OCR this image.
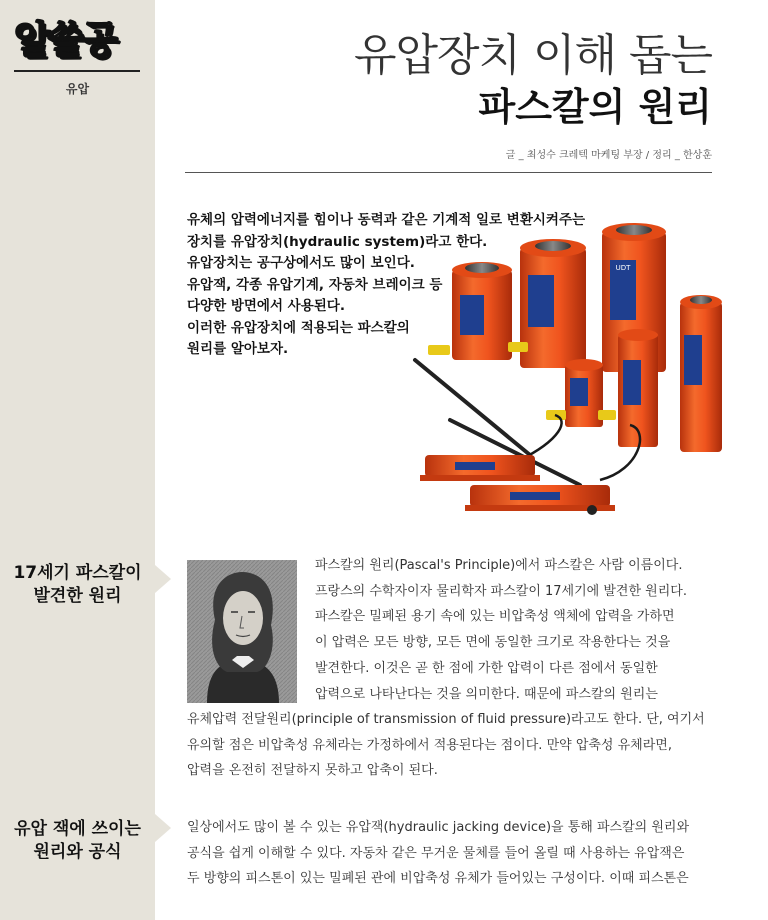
알쓸공
유압
17세기 파스칼이
발견한 원리
유압 잭에 쓰이는
원리와 공식
유압장치 이해 돕는
파스칼의 원리
글 _ 최성수 크레텍 마케팅 부장 / 정리 _ 한상훈
유체의 압력에너지를 힘이나 동력과 같은 기계적 일로 변환시켜주는
장치를 유압장치(hydraulic system)라고 한다.
유압장치는 공구상에서도 많이 보인다.
유압잭, 각종 유압기계, 자동차 브레이크 등
다양한 방면에서 사용된다.
이러한 유압장치에 적용되는 파스칼의
원리를 알아보자.
UDT
파스칼의 원리(Pascal's Principle)에서 파스칼은 사람 이름이다.
프랑스의 수학자이자 물리학자 파스칼이 17세기에 발견한 원리다.
파스칼은 밀폐된 용기 속에 있는 비압축성 액체에 압력을 가하면
이 압력은 모든 방향, 모든 면에 동일한 크기로 작용한다는 것을
발견한다. 이것은 곧 한 점에 가한 압력이 다른 점에서 동일한
압력으로 나타난다는 것을 의미한다. 때문에 파스칼의 원리는
유체압력 전달원리(principle of transmission of fluid pressure)라고도 한다. 단, 여기서
유의할 점은 비압축성 유체라는 가정하에서 적용된다는 점이다. 만약 압축성 유체라면,
압력을 온전히 전달하지 못하고 압축이 된다.
일상에서도 많이 볼 수 있는 유압잭(hydraulic jacking device)을 통해 파스칼의 원리와
공식을 쉽게 이해할 수 있다. 자동차 같은 무거운 물체를 들어 올릴 때 사용하는 유압잭은
두 방향의 피스톤이 있는 밀폐된 관에 비압축성 유체가 들어있는 구성이다. 이때 피스톤은
